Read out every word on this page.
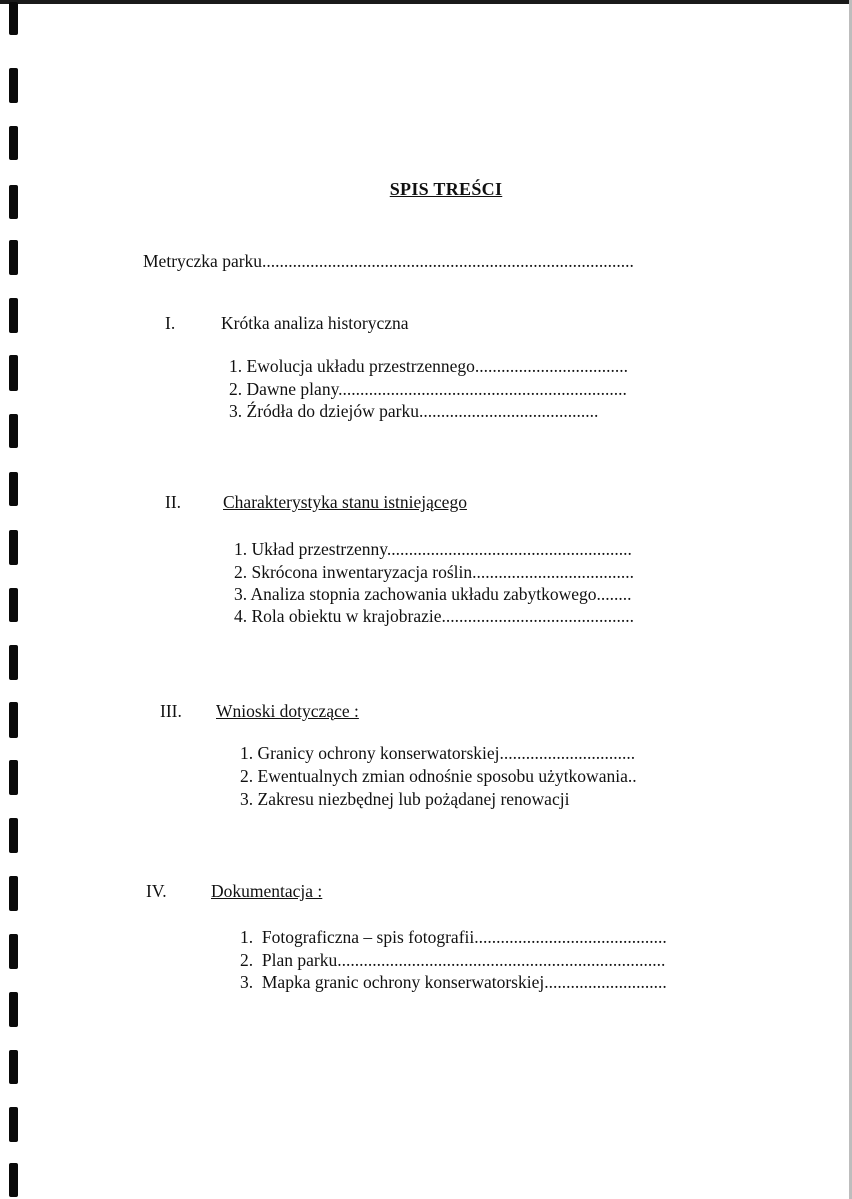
SPIS TREŚCI
Metryczka parku.....................................................................................
I.	Krótka analiza historyczna
1. Ewolucja układu przestrzennego...................................
2. Dawne plany..................................................................
3. Źródła do dziejów parku.........................................
II. Charakterystyka stanu istniejącego
1. Układ przestrzenny........................................................
2. Skrócona inwentaryzacja roślin.....................................
3. Analiza stopnia zachowania układu zabytkowego........
4. Rola obiektu w krajobrazie............................................
III. Wnioski dotyczące :
1. Granicy ochrony konserwatorskiej...............................
2. Ewentualnych zmian odnośnie sposobu użytkowania..
3. Zakresu niezbędnej lub pożądanej renowacji
IV.	Dokumentacja :
1.  Fotograficzna – spis fotografii............................................
2.  Plan parku...........................................................................
3.  Mapka granic ochrony konserwatorskiej............................
